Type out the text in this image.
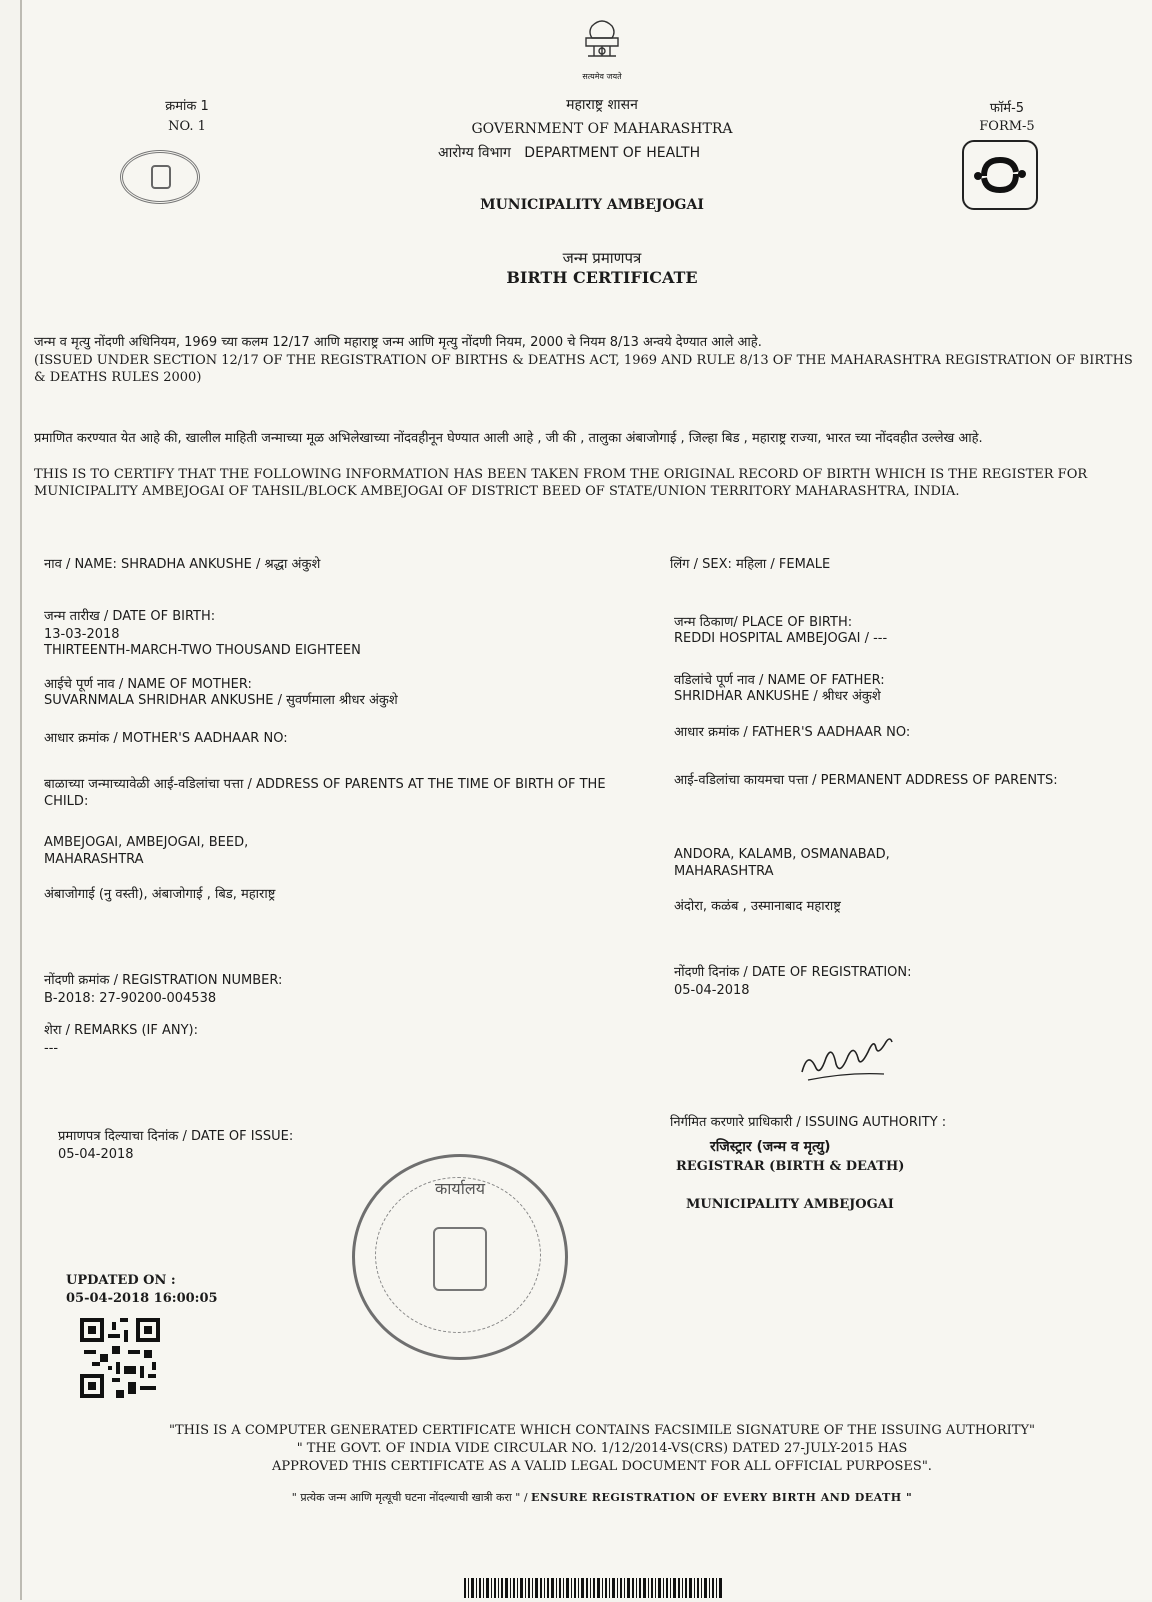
सत्यमेव जयते
क्रमांक 1
NO. 1
महाराष्ट्र शासन
GOVERNMENT OF MAHARASHTRA
आरोग्य विभाग DEPARTMENT OF HEALTH
फॉर्म-5
FORM-5
MUNICIPALITY AMBEJOGAI
जन्म प्रमाणपत्र
BIRTH CERTIFICATE
जन्म व मृत्यु नोंदणी अधिनियम, 1969 च्या कलम 12/17 आणि महाराष्ट्र जन्म आणि मृत्यु नोंदणी नियम, 2000 चे नियम 8/13 अन्वये देण्यात आले आहे.
(ISSUED UNDER SECTION 12/17 OF THE REGISTRATION OF BIRTHS & DEATHS ACT, 1969 AND RULE 8/13 OF THE MAHARASHTRA REGISTRATION OF BIRTHS & DEATHS RULES 2000)
प्रमाणित करण्यात येत आहे की, खालील माहिती जन्माच्या मूळ अभिलेखाच्या नोंदवहीनून घेण्यात आली आहे , जी की , तालुका अंबाजोगाई , जिल्हा बिड , महाराष्ट्र राज्या, भारत च्या नोंदवहीत उल्लेख आहे.
THIS IS TO CERTIFY THAT THE FOLLOWING INFORMATION HAS BEEN TAKEN FROM THE ORIGINAL RECORD OF BIRTH WHICH IS THE REGISTER FOR MUNICIPALITY AMBEJOGAI OF TAHSIL/BLOCK AMBEJOGAI OF DISTRICT BEED OF STATE/UNION TERRITORY MAHARASHTRA, INDIA.
नाव / NAME: SHRADHA ANKUSHE / श्रद्धा अंकुशे
जन्म तारीख / DATE OF BIRTH:
13-03-2018
THIRTEENTH-MARCH-TWO THOUSAND EIGHTEEN
आईचे पूर्ण नाव / NAME OF MOTHER:
SUVARNMALA SHRIDHAR ANKUSHE / सुवर्णमाला श्रीधर अंकुशे
आधार क्रमांक / MOTHER'S AADHAAR NO:
बाळाच्या जन्माच्यावेळी आई-वडिलांचा पत्ता / ADDRESS OF PARENTS AT THE TIME OF BIRTH OF THE CHILD:
AMBEJOGAI, AMBEJOGAI, BEED, MAHARASHTRA
अंबाजोगाई (नु वस्ती), अंबाजोगाई , बिड, महाराष्ट्र
नोंदणी क्रमांक / REGISTRATION NUMBER:
B-2018: 27-90200-004538
शेरा / REMARKS (IF ANY):
---
प्रमाणपत्र दिल्याचा दिनांक / DATE OF ISSUE:
05-04-2018
लिंग / SEX: महिला / FEMALE
जन्म ठिकाण/ PLACE OF BIRTH:
REDDI HOSPITAL AMBEJOGAI / ---
वडिलांचे पूर्ण नाव / NAME OF FATHER:
SHRIDHAR ANKUSHE / श्रीधर अंकुशे
आधार क्रमांक / FATHER'S AADHAAR NO:
आई-वडिलांचा कायमचा पत्ता / PERMANENT ADDRESS OF PARENTS:
ANDORA, KALAMB, OSMANABAD, MAHARASHTRA
अंदोरा, कळंब , उस्मानाबाद महाराष्ट्र
नोंदणी दिनांक / DATE OF REGISTRATION:
05-04-2018
निर्गमित करणारे प्राधिकारी / ISSUING AUTHORITY :
रजिस्ट्रार (जन्म व मृत्यु)
REGISTRAR (BIRTH & DEATH)
MUNICIPALITY AMBEJOGAI
कार्यालय
UPDATED ON :
05-04-2018 16:00:05
"THIS IS A COMPUTER GENERATED CERTIFICATE WHICH CONTAINS FACSIMILE SIGNATURE OF THE ISSUING AUTHORITY"
" THE GOVT. OF INDIA VIDE CIRCULAR NO. 1/12/2014-VS(CRS) DATED 27-JULY-2015 HAS
APPROVED THIS CERTIFICATE AS A VALID LEGAL DOCUMENT FOR ALL OFFICIAL PURPOSES".
" प्रत्येक जन्म आणि मृत्यूची घटना नोंदल्याची खात्री करा " / ENSURE REGISTRATION OF EVERY BIRTH AND DEATH "
